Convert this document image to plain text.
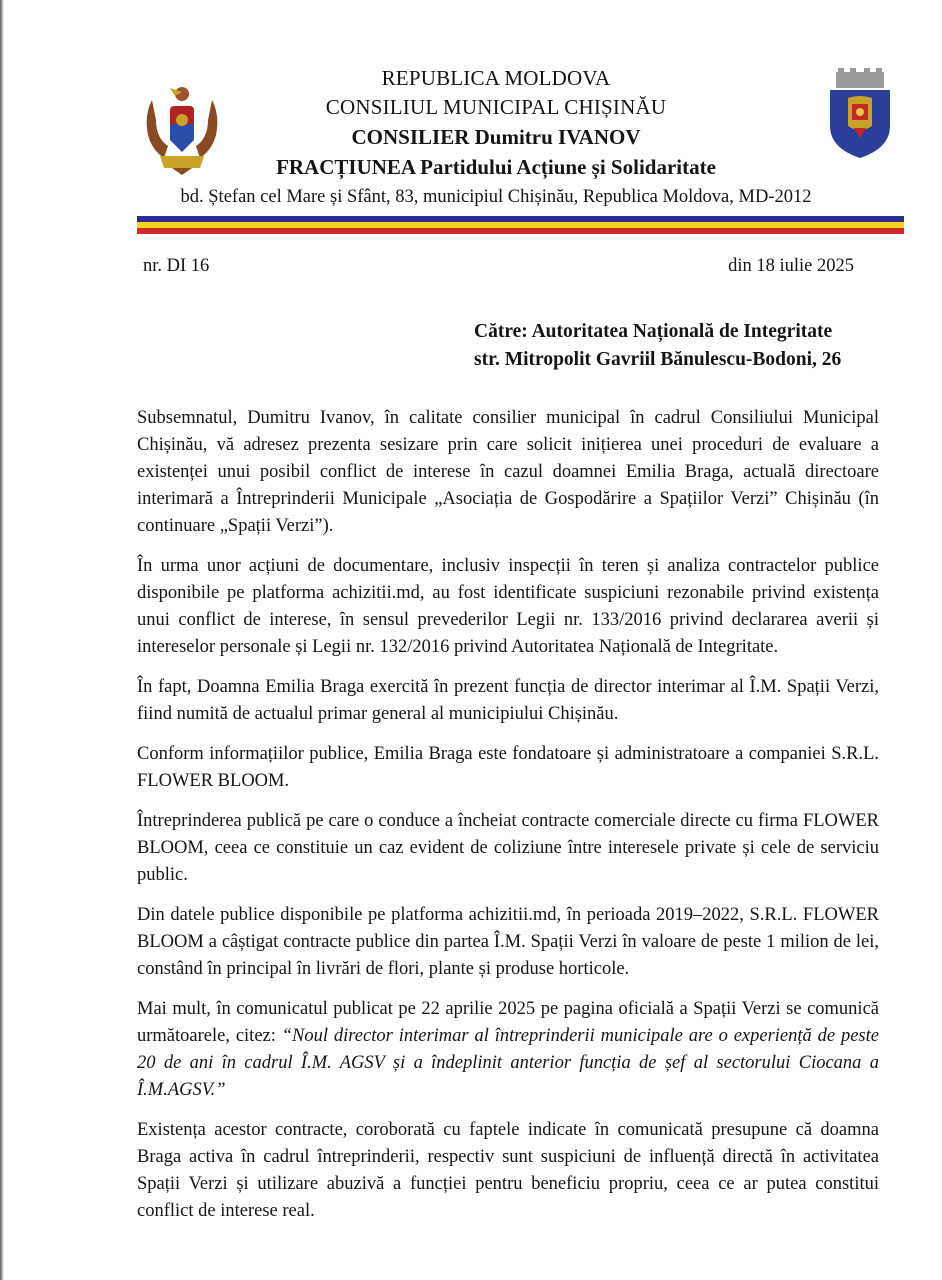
REPUBLICA MOLDOVA
CONSILIUL MUNICIPAL CHIȘINĂU
CONSILIER Dumitru IVANOV
FRACȚIUNEA Partidului Acțiune și Solidaritate
bd. Ștefan cel Mare și Sfânt, 83, municipiul Chișinău, Republica Moldova, MD-2012
nr. DI 16	din 18 iulie 2025
Către: Autoritatea Națională de Integritate
str. Mitropolit Gavriil Bănulescu-Bodoni, 26

Subsemnatul, Dumitru Ivanov, în calitate consilier municipal în cadrul Consiliului Municipal Chișinău, vă adresez prezenta sesizare prin care solicit inițierea unei proceduri de evaluare a existenței unui posibil conflict de interese în cazul doamnei Emilia Braga, actuală directoare interimară a Întreprinderii Municipale „Asociația de Gospodărire a Spațiilor Verzi” Chișinău (în continuare „Spații Verzi”).

În urma unor acțiuni de documentare, inclusiv inspecții în teren și analiza contractelor publice disponibile pe platforma achizitii.md, au fost identificate suspiciuni rezonabile privind existența unui conflict de interese, în sensul prevederilor Legii nr. 133/2016 privind declararea averii și intereselor personale și Legii nr. 132/2016 privind Autoritatea Națională de Integritate.

În fapt, Doamna Emilia Braga exercită în prezent funcția de director interimar al Î.M. Spații Verzi, fiind numită de actualul primar general al municipiului Chișinău.

Conform informațiilor publice, Emilia Braga este fondatoare și administratoare a companiei S.R.L. FLOWER BLOOM.

Întreprinderea publică pe care o conduce a încheiat contracte comerciale directe cu firma FLOWER BLOOM, ceea ce constituie un caz evident de coliziune între interesele private și cele de serviciu public.

Din datele publice disponibile pe platforma achizitii.md, în perioada 2019–2022, S.R.L. FLOWER BLOOM a câștigat contracte publice din partea Î.M. Spații Verzi în valoare de peste 1 milion de lei, constând în principal în livrări de flori, plante și produse horticole.

Mai mult, în comunicatul publicat pe 22 aprilie 2025 pe pagina oficială a Spații Verzi se comunică următoarele, citez: “Noul director interimar al întreprinderii municipale are o experiență de peste 20 de ani în cadrul Î.M. AGSV și a îndeplinit anterior funcția de șef al sectorului Ciocana a Î.M.AGSV.”

Existența acestor contracte, coroborată cu faptele indicate în comunicată presupune că doamna Braga activa în cadrul întreprinderii, respectiv sunt suspiciuni de influență directă în activitatea Spații Verzi și utilizare abuzivă a funcției pentru beneficiu propriu, ceea ce ar putea constitui conflict de interese real.
